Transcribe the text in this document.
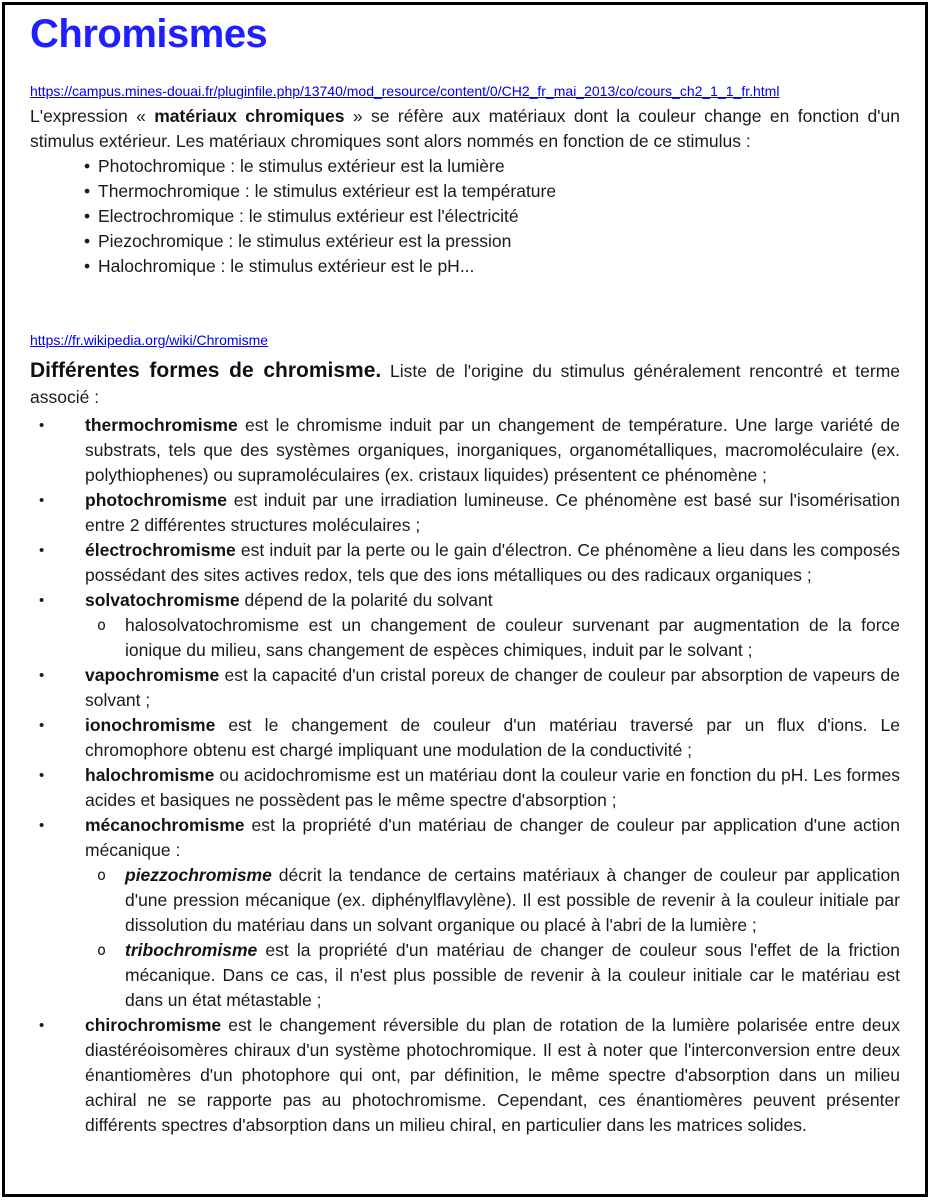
Chromismes
https://campus.mines-douai.fr/pluginfile.php/13740/mod_resource/content/0/CH2_fr_mai_2013/co/cours_ch2_1_1_fr.html

L'expression « matériaux chromiques » se réfère aux matériaux dont la couleur change en fonction d'un stimulus extérieur. Les matériaux chromiques sont alors nommés en fonction de ce stimulus :

• Photochromique : le stimulus extérieur est la lumière
• Thermochromique : le stimulus extérieur est la température
• Electrochromique : le stimulus extérieur est l'électricité
• Piezochromique : le stimulus extérieur est la pression
• Halochromique : le stimulus extérieur est le pH...
https://fr.wikipedia.org/wiki/Chromisme

Différentes formes de chromisme. Liste de l'origine du stimulus généralement rencontré et terme associé :

•	thermochromisme est le chromisme induit par un changement de température. Une large variété de substrats, tels que des systèmes organiques, inorganiques, organométalliques, macromoléculaire (ex. polythiophenes) ou supramoléculaires (ex. cristaux liquides) présentent ce phénomène ;
•	photochromisme est induit par une irradiation lumineuse. Ce phénomène est basé sur l'isomérisation entre 2 différentes structures moléculaires ;
•	électrochromisme est induit par la perte ou le gain d'électron. Ce phénomène a lieu dans les composés possédant des sites actives redox, tels que des ions métalliques ou des radicaux organiques ;
•	solvatochromisme dépend de la polarité du solvant
o	halosolvatochromisme est un changement de couleur survenant par augmentation de la force ionique du milieu, sans changement de espèces chimiques, induit par le solvant ;
•	vapochromisme est la capacité d'un cristal poreux de changer de couleur par absorption de vapeurs de solvant ;
•	ionochromisme est le changement de couleur d'un matériau traversé par un flux d'ions. Le chromophore obtenu est chargé impliquant une modulation de la conductivité ;
•	halochromisme ou acidochromisme est un matériau dont la couleur varie en fonction du pH. Les formes acides et basiques ne possèdent pas le même spectre d'absorption ;
•	mécanochromisme est la propriété d'un matériau de changer de couleur par application d'une action mécanique :
o	piezzochromisme décrit la tendance de certains matériaux à changer de couleur par application d'une pression mécanique (ex. diphénylflavylène). Il est possible de revenir à la couleur initiale par dissolution du matériau dans un solvant organique ou placé à l'abri de la lumière ;
o	tribochromisme est la propriété d'un matériau de changer de couleur sous l'effet de la friction mécanique. Dans ce cas, il n'est plus possible de revenir à la couleur initiale car le matériau est dans un état métastable ;
•	chirochromisme est le changement réversible du plan de rotation de la lumière polarisée entre deux diastéréoisomères chiraux d'un système photochromique. Il est à noter que l'interconversion entre deux énantiomères d'un photophore qui ont, par définition, le même spectre d'absorption dans un milieu achiral ne se rapporte pas au photochromisme. Cependant, ces énantiomères peuvent présenter différents spectres d'absorption dans un milieu chiral, en particulier dans les matrices solides.
